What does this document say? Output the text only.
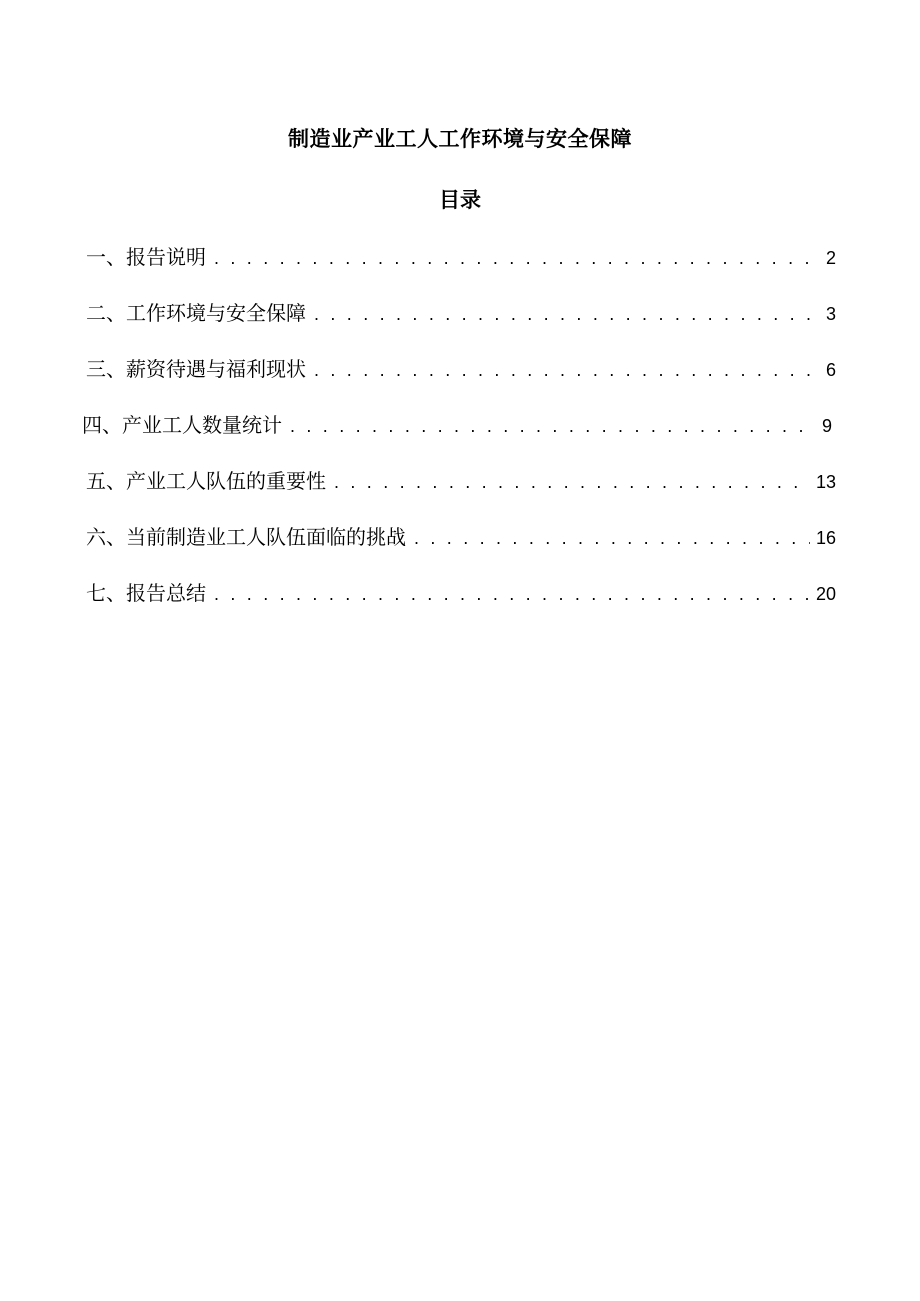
制造业产业工人工作环境与安全保障
目录
一、报告说明 . . .	2
二、工作环境与安全保障 . . .	3
三、薪资待遇与福利现状 . . .	6
四、产业工人数量统计 . . .	9
五、产业工人队伍的重要性 . . .	13
六、当前制造业工人队伍面临的挑战 . . .	16
七、报告总结 . . .	20
